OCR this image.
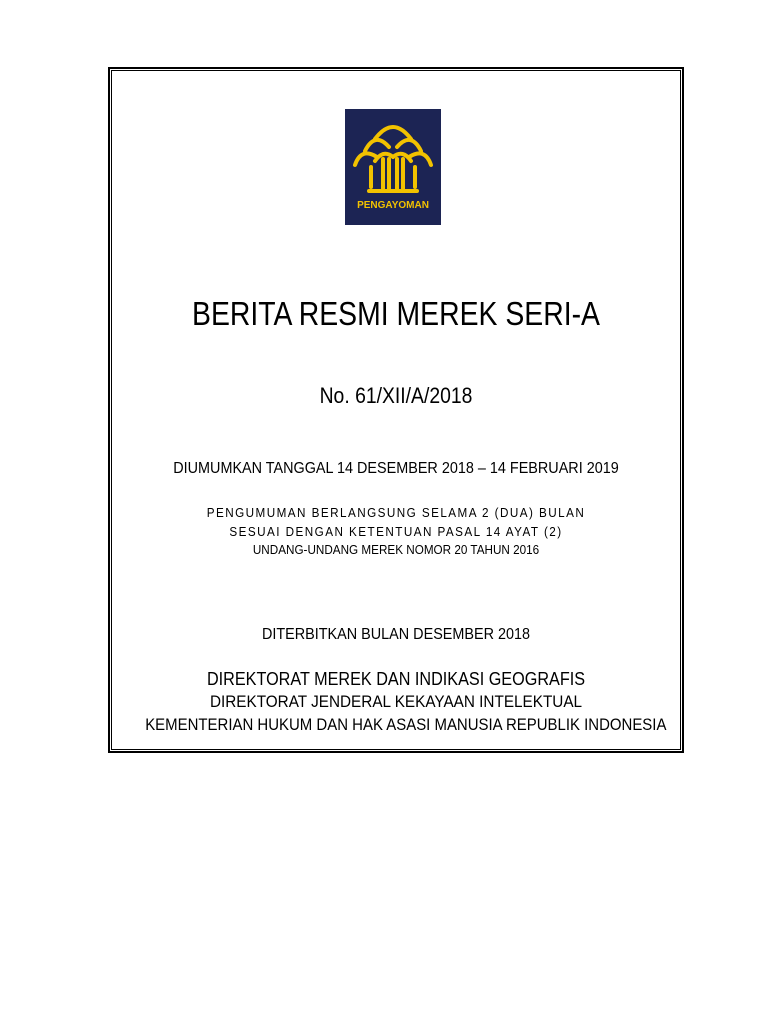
PENGAYOMAN
BERITA RESMI MEREK SERI-A
No. 61/XII/A/2018
DIUMUMKAN TANGGAL 14 DESEMBER 2018 – 14 FEBRUARI 2019
PENGUMUMAN BERLANGSUNG SELAMA 2 (DUA) BULAN
SESUAI DENGAN KETENTUAN PASAL 14 AYAT (2)
UNDANG-UNDANG MEREK NOMOR 20 TAHUN 2016
DITERBITKAN BULAN DESEMBER 2018
DIREKTORAT MEREK DAN INDIKASI GEOGRAFIS
DIREKTORAT JENDERAL KEKAYAAN INTELEKTUAL
KEMENTERIAN HUKUM DAN HAK ASASI MANUSIA REPUBLIK INDONESIA
